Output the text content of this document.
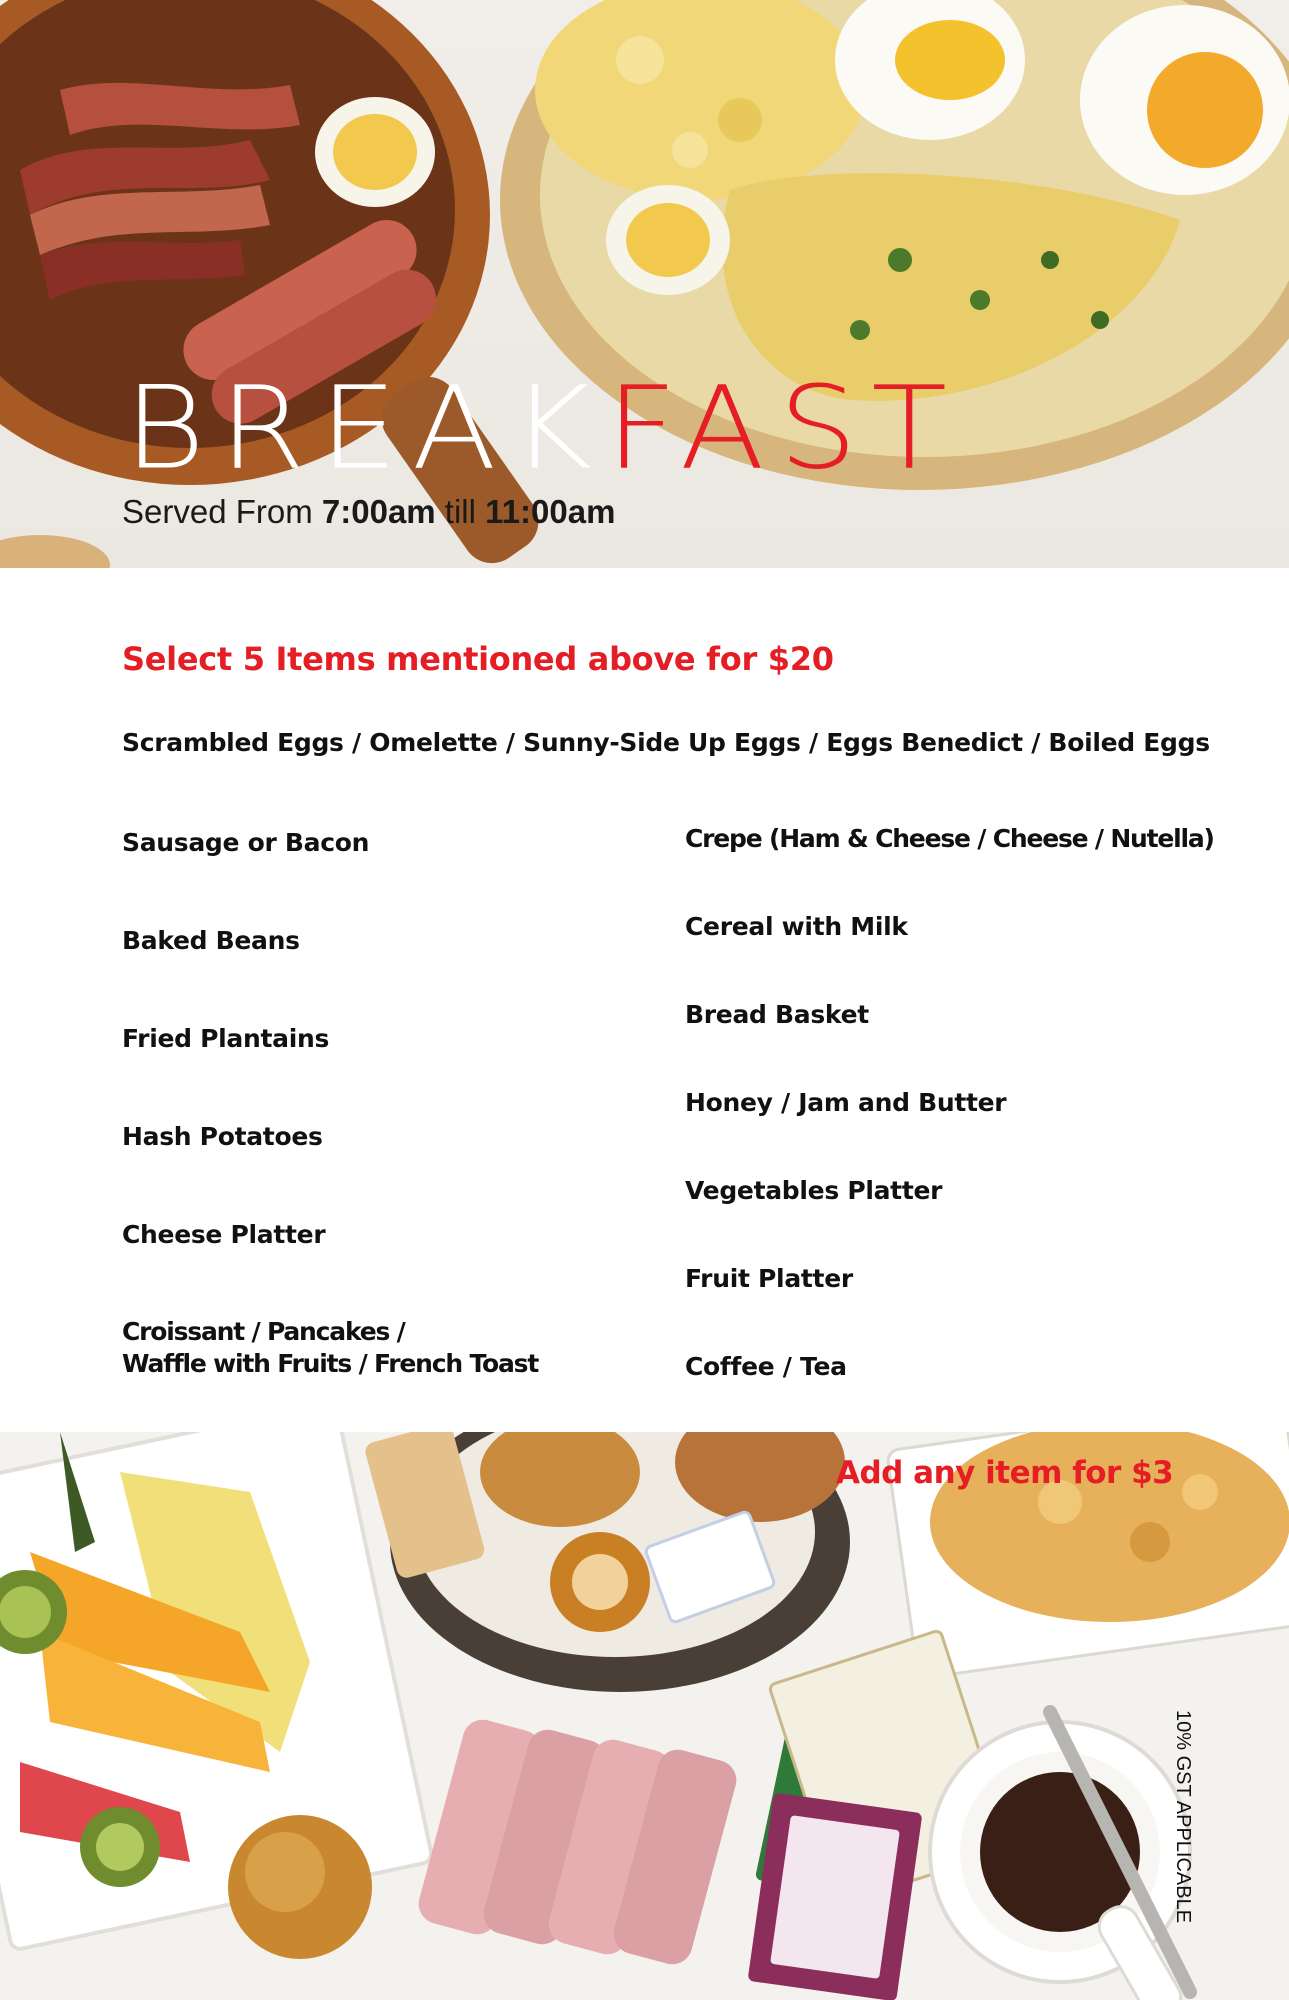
BREAKFAST
Served From 7:00am till 11:00am
Select 5 Items mentioned above for $20
Scrambled Eggs / Omelette / Sunny-Side Up Eggs / Eggs Benedict / Boiled Eggs
Sausage or Bacon
Baked Beans
Fried Plantains
Hash Potatoes
Cheese Platter
Croissant / Pancakes /
Waffle with Fruits / French Toast
Crepe (Ham & Cheese / Cheese / Nutella)
Cereal with Milk
Bread Basket
Honey / Jam and Butter
Vegetables Platter
Fruit Platter
Coffee / Tea
Add any item for $3
10% GST APPLICABLE
